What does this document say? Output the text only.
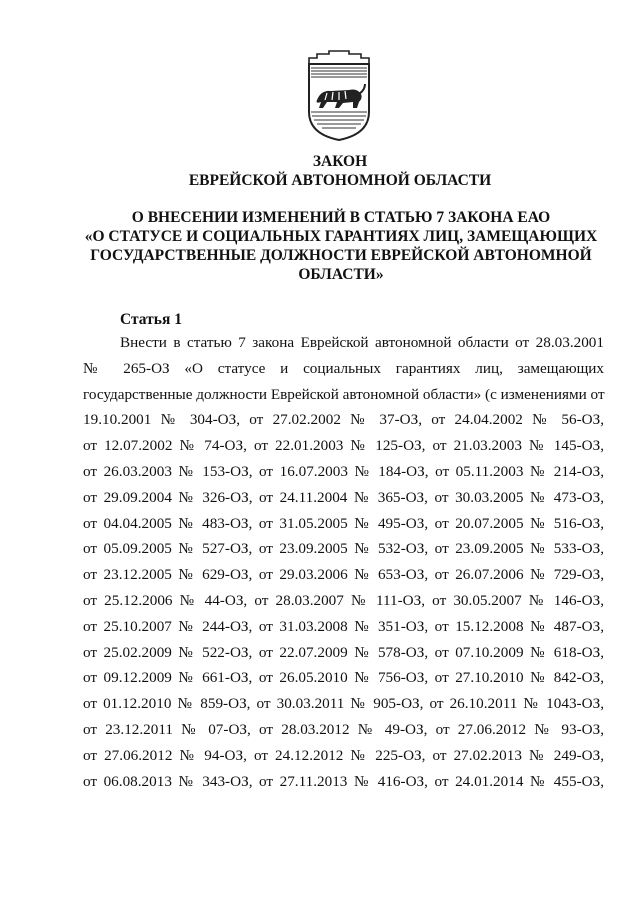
ЗАКОН
ЕВРЕЙСКОЙ АВТОНОМНОЙ ОБЛАСТИ
О ВНЕСЕНИИ ИЗМЕНЕНИЙ В СТАТЬЮ 7 ЗАКОНА ЕАО
«О СТАТУСЕ И СОЦИАЛЬНЫХ ГАРАНТИЯХ ЛИЦ, ЗАМЕЩАЮЩИХ
ГОСУДАРСТВЕННЫЕ ДОЛЖНОСТИ ЕВРЕЙСКОЙ АВТОНОМНОЙ
ОБЛАСТИ»
Статья 1
Внести в статью 7 закона Еврейской автономной области от 28.03.2001
№ 265-ОЗ «О статусе и социальных гарантиях лиц, замещающих
государственные должности Еврейской автономной области» (с изменениями от
19.10.2001 № 304-ОЗ, от 27.02.2002 № 37-ОЗ, от 24.04.2002 № 56-ОЗ,
от 12.07.2002 № 74-ОЗ, от 22.01.2003 № 125-ОЗ, от 21.03.2003 № 145-ОЗ,
от 26.03.2003 № 153-ОЗ, от 16.07.2003 № 184-ОЗ, от 05.11.2003 № 214-ОЗ,
от 29.09.2004 № 326-ОЗ, от 24.11.2004 № 365-ОЗ, от 30.03.2005 № 473-ОЗ,
от 04.04.2005 № 483-ОЗ, от 31.05.2005 № 495-ОЗ, от 20.07.2005 № 516-ОЗ,
от 05.09.2005 № 527-ОЗ, от 23.09.2005 № 532-ОЗ, от 23.09.2005 № 533-ОЗ,
от 23.12.2005 № 629-ОЗ, от 29.03.2006 № 653-ОЗ, от 26.07.2006 № 729-ОЗ,
от 25.12.2006 № 44-ОЗ, от 28.03.2007 № 111-ОЗ, от 30.05.2007 № 146-ОЗ,
от 25.10.2007 № 244-ОЗ, от 31.03.2008 № 351-ОЗ, от 15.12.2008 № 487-ОЗ,
от 25.02.2009 № 522-ОЗ, от 22.07.2009 № 578-ОЗ, от 07.10.2009 № 618-ОЗ,
от 09.12.2009 № 661-ОЗ, от 26.05.2010 № 756-ОЗ, от 27.10.2010 № 842-ОЗ,
от 01.12.2010 № 859-ОЗ, от 30.03.2011 № 905-ОЗ, от 26.10.2011 № 1043-ОЗ,
от 23.12.2011 № 07-ОЗ, от 28.03.2012 № 49-ОЗ, от 27.06.2012 № 93-ОЗ,
от 27.06.2012 № 94-ОЗ, от 24.12.2012 № 225-ОЗ, от 27.02.2013 № 249-ОЗ,
от 06.08.2013 № 343-ОЗ, от 27.11.2013 № 416-ОЗ, от 24.01.2014 № 455-ОЗ,
